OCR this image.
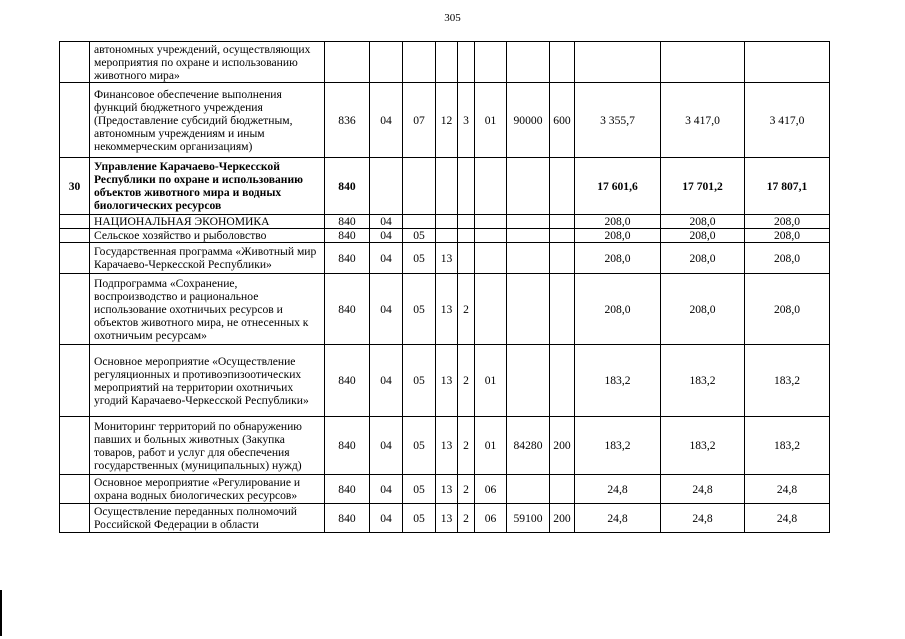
305
	автономных учреждений, осуществляющих мероприятия по охране и использованию животного мира»											
	Финансовое обеспечение выполнения функций бюджетного учреждения (Предоставление субсидий бюджетным, автономным учреждениям и иным некоммерческим организациям)	836	04	07	12	3	01	90000	600	3 355,7	3 417,0	3 417,0
30	Управление Карачаево-Черкесской Республики по охране и использованию объектов животного мира и водных биологических ресурсов	840								17 601,6	17 701,2	17 807,1
	НАЦИОНАЛЬНАЯ ЭКОНОМИКА	840	04							208,0	208,0	208,0
	Сельское хозяйство и рыболовство	840	04	05						208,0	208,0	208,0
	Государственная программа «Животный мир Карачаево-Черкесской Республики»	840	04	05	13					208,0	208,0	208,0
	Подпрограмма «Сохранение, воспроизводство и рациональное использование охотничьих ресурсов и объектов животного мира, не отнесенных к охотничьим ресурсам»	840	04	05	13	2				208,0	208,0	208,0
	Основное мероприятие «Осуществление регуляционных и противоэпизоотических мероприятий на территории охотничьих угодий Карачаево-Черкесской Республики»	840	04	05	13	2	01			183,2	183,2	183,2
	Мониторинг территорий по обнаружению павших и больных животных (Закупка товаров, работ и услуг для обеспечения государственных (муниципальных) нужд)	840	04	05	13	2	01	84280	200	183,2	183,2	183,2
	Основное мероприятие «Регулирование и охрана водных биологических ресурсов»	840	04	05	13	2	06			24,8	24,8	24,8
	Осуществление переданных полномочий Российской Федерации в области	840	04	05	13	2	06	59100	200	24,8	24,8	24,8
